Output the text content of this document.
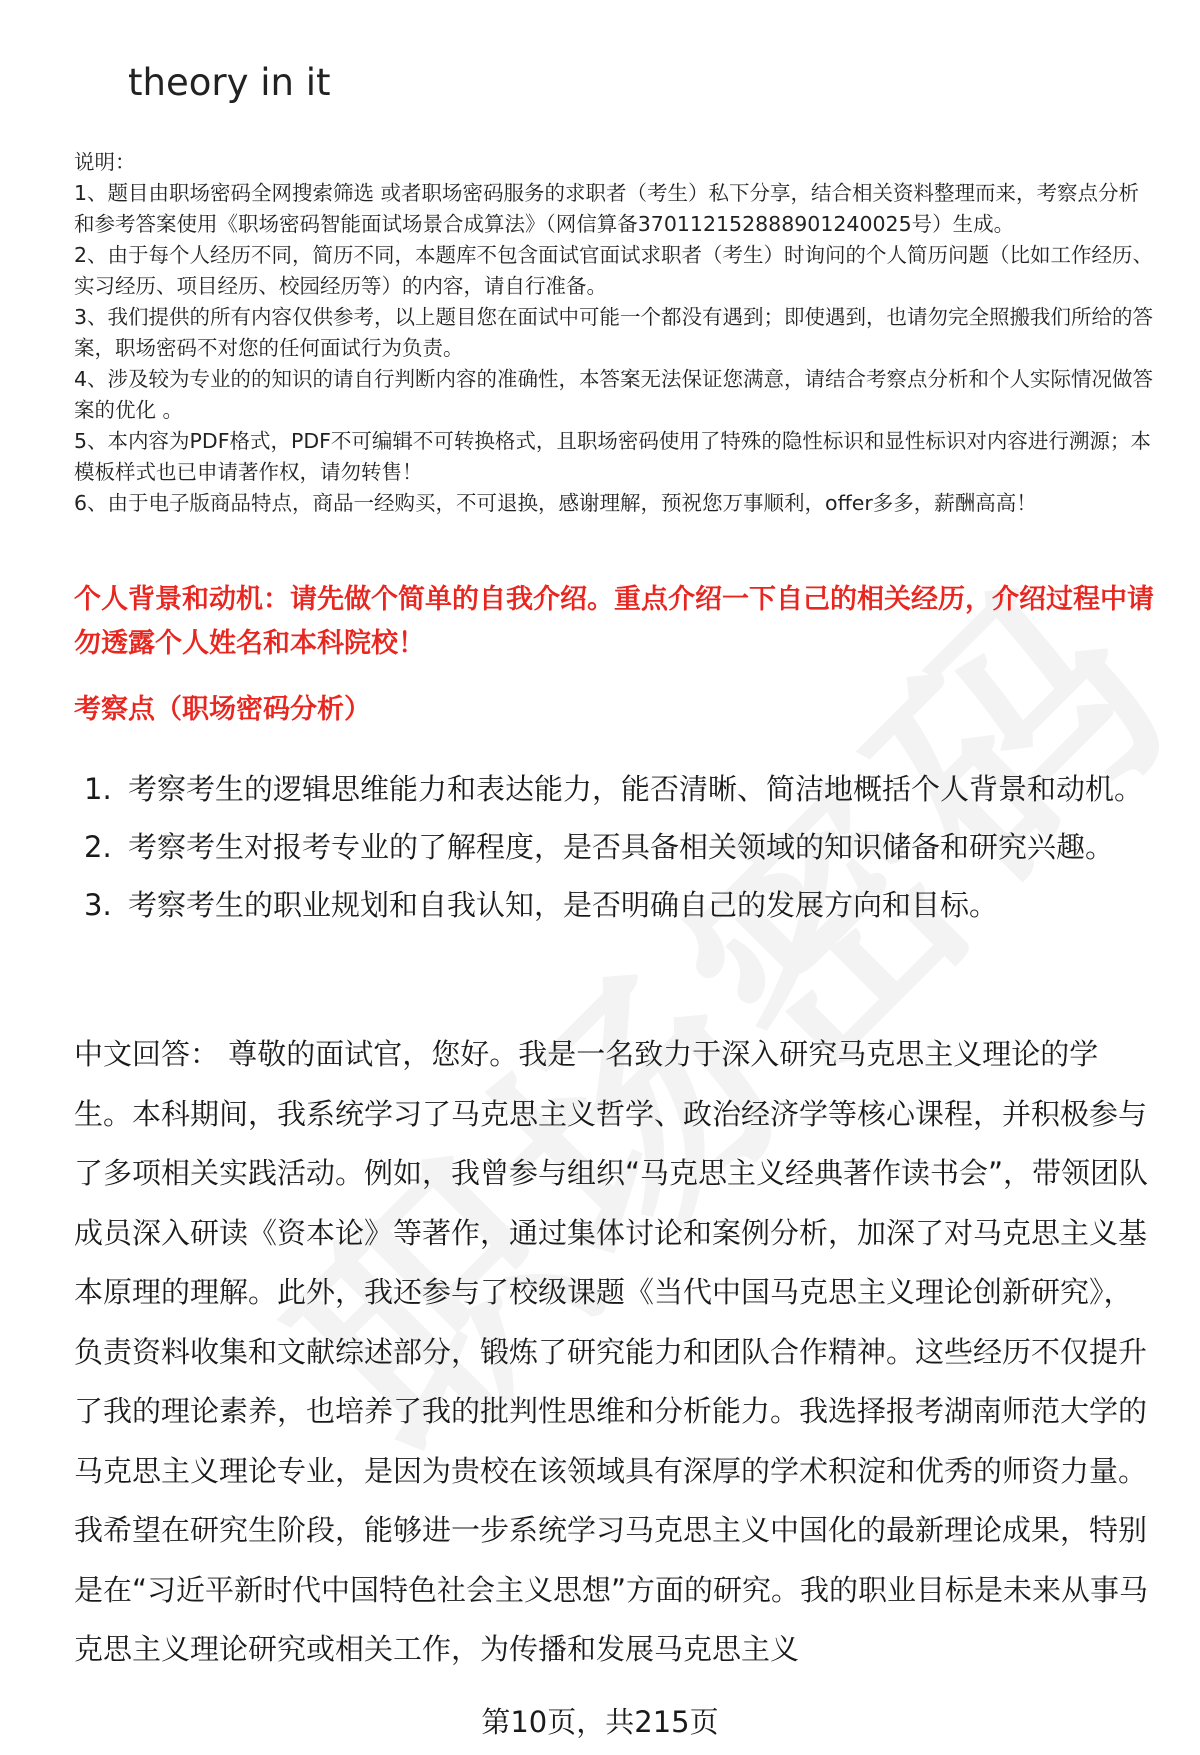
theory in it

说明：

1、题目由职场密码全网搜索筛选 或者职场密码服务的求职者（考生）私下分享，结合相关资料整理而来，考察点分析和参考答案使用《职场密码智能面试场景合成算法》（网信算备370112152888901240025号）生成。

2、由于每个人经历不同，简历不同，本题库不包含面试官面试求职者（考生）时询问的个人简历问题（比如工作经历、实习经历、项目经历、校园经历等）的内容，请自行准备。

3、我们提供的所有内容仅供参考，以上题目您在面试中可能一个都没有遇到；即使遇到，也请勿完全照搬我们所给的答案，职场密码不对您的任何面试行为负责。

4、涉及较为专业的的知识的请自行判断内容的准确性，本答案无法保证您满意，请结合考察点分析和个人实际情况做答案的优化 。

5、本内容为PDF格式，PDF不可编辑不可转换格式，且职场密码使用了特殊的隐性标识和显性标识对内容进行溯源；本模板样式也已申请著作权，请勿转售！

6、由于电子版商品特点，商品一经购买，不可退换，感谢理解，预祝您万事顺利，offer多多，薪酬高高！

个人背景和动机：请先做个简单的自我介绍。重点介绍一下自己的相关经历，介绍过程中请勿透露个人姓名和本科院校！
考察点（职场密码分析）
1. 考察考生的逻辑思维能力和表达能力，能否清晰、简洁地概括个人背景和动机。
2. 考察考生对报考专业的了解程度，是否具备相关领域的知识储备和研究兴趣。
3. 考察考生的职业规划和自我认知，是否明确自己的发展方向和目标。

中文回答： 尊敬的面试官，您好。我是一名致力于深入研究马克思主义理论的学生。本科期间，我系统学习了马克思主义哲学、政治经济学等核心课程，并积极参与了多项相关实践活动。例如，我曾参与组织“马克思主义经典著作读书会”，带领团队成员深入研读《资本论》等著作，通过集体讨论和案例分析，加深了对马克思主义基本原理的理解。此外，我还参与了校级课题《当代中国马克思主义理论创新研究》，负责资料收集和文献综述部分，锻炼了研究能力和团队合作精神。这些经历不仅提升了我的理论素养，也培养了我的批判性思维和分析能力。我选择报考湖南师范大学的马克思主义理论专业，是因为贵校在该领域具有深厚的学术积淀和优秀的师资力量。我希望在研究生阶段，能够进一步系统学习马克思主义中国化的最新理论成果，特别是在“习近平新时代中国特色社会主义思想”方面的研究。我的职业目标是未来从事马克思主义理论研究或相关工作，为传播和发展马克思主义

第10页，共215页
